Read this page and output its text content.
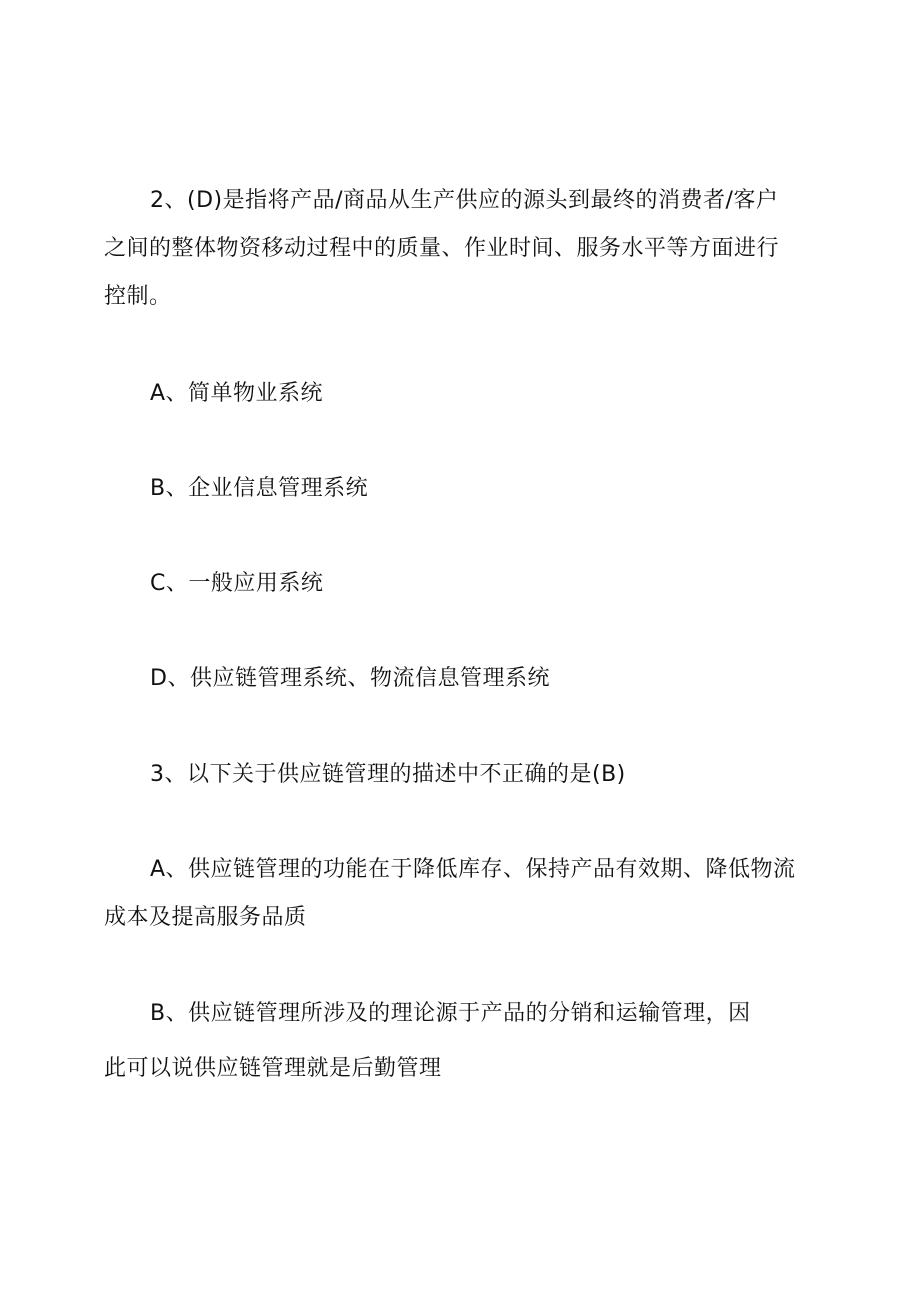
2、(D)是指将产品/商品从生产供应的源头到最终的消费者/客户
之间的整体物资移动过程中的质量、作业时间、服务水平等方面进行
控制。
A、简单物业系统
B、企业信息管理系统
C、一般应用系统
D、供应链管理系统、物流信息管理系统
3、以下关于供应链管理的描述中不正确的是(B)
A、供应链管理的功能在于降低库存、保持产品有效期、降低物流
成本及提高服务品质
B、供应链管理所涉及的理论源于产品的分销和运输管理，因
此可以说供应链管理就是后勤管理
